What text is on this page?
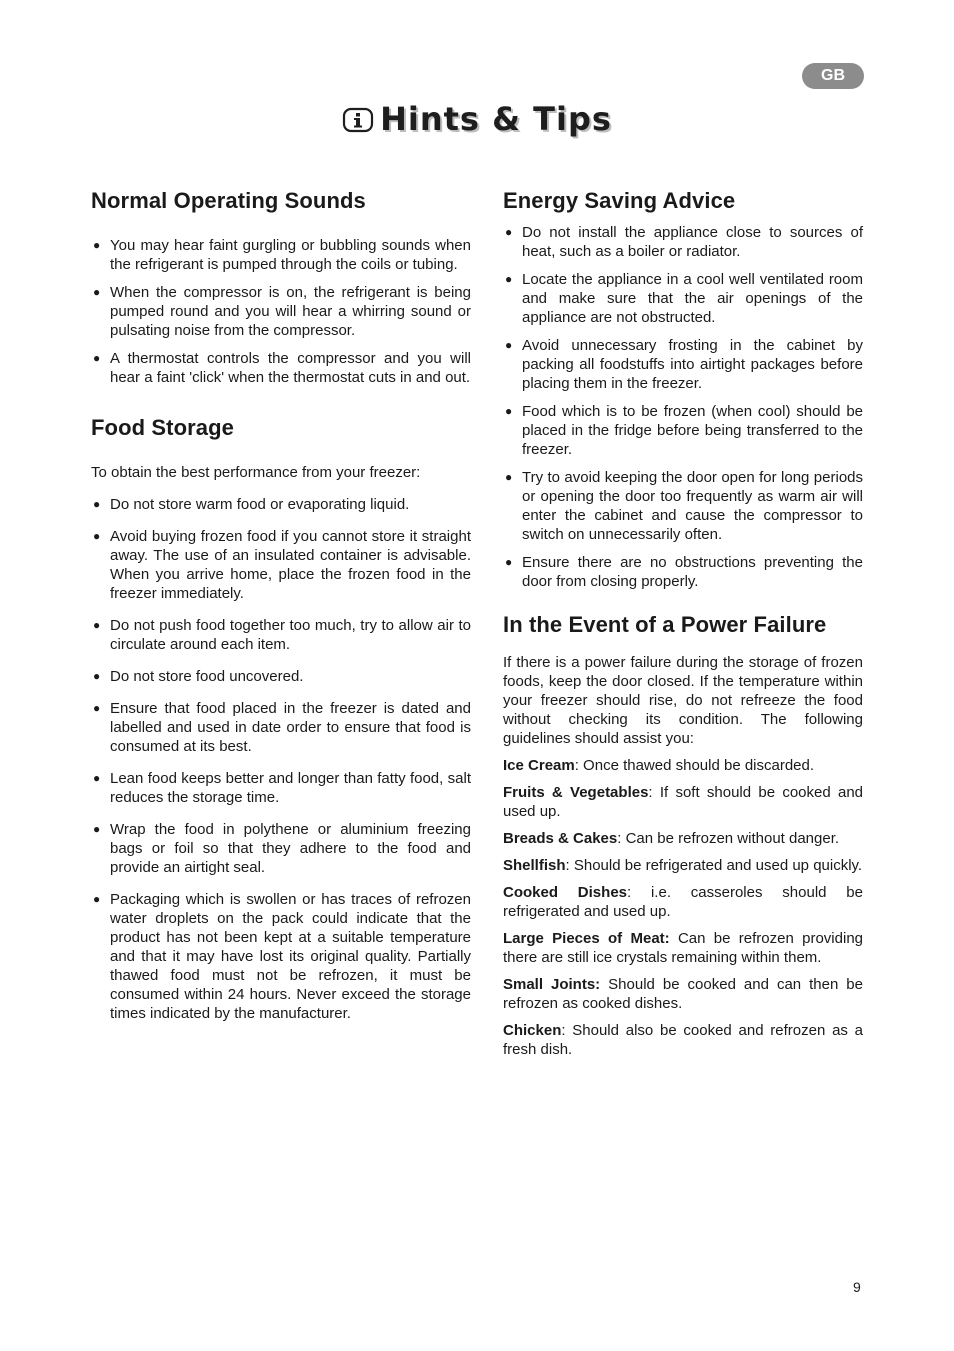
GB
Hints & Tips
Normal Operating Sounds
● You may hear faint gurgling or bubbling sounds when the refrigerant is pumped through the coils or tubing.
● When the compressor is on, the refrigerant is being pumped round and you will hear a whirring sound or pulsating noise from the compressor.
● A thermostat controls the compressor and you will hear a faint 'click' when the thermostat cuts in and out.
Food Storage

To obtain the best performance from your freezer:

● Do not store warm food or evaporating liquid.
● Avoid buying frozen food if you cannot store it straight away. The use of an insulated container is advisable. When you arrive home, place the frozen food in the freezer immediately.
● Do not push food together too much, try to allow air to circulate around each item.
● Do not store food uncovered.
● Ensure that food placed in the freezer is dated and labelled and used in date order to ensure that food is consumed at its best.
● Lean food keeps better and longer than fatty food, salt reduces the storage time.
● Wrap the food in polythene or aluminium freezing bags or foil so that they adhere to the food and provide an airtight seal.
● Packaging which is swollen or has traces of refrozen water droplets on the pack could indicate that the product has not been kept at a suitable temperature and that it may have lost its original quality. Partially thawed food must not be refrozen, it must be consumed within 24 hours. Never exceed the storage times indicated by the manufacturer.
Energy Saving Advice
● Do not install the appliance close to sources of heat, such as a boiler or radiator.
● Locate the appliance in a cool well ventilated room and make sure that the air openings of the appliance are not obstructed.
● Avoid unnecessary frosting in the cabinet by packing all foodstuffs into airtight packages before placing them in the freezer.
● Food which is to be frozen (when cool) should be placed in the fridge before being transferred to the freezer.
● Try to avoid keeping the door open for long periods or opening the door too frequently as warm air will enter the cabinet and cause the compressor to switch on unnecessarily often.
● Ensure there are no obstructions preventing the door from closing properly.
In the Event of a Power Failure

If there is a power failure during the storage of frozen foods, keep the door closed. If the temperature within your freezer should rise, do not refreeze the food without checking its condition. The following guidelines should assist you:

Ice Cream: Once thawed should be discarded.

Fruits & Vegetables: If soft should be cooked and used up.

Breads & Cakes: Can be refrozen without danger.

Shellfish: Should be refrigerated and used up quickly.

Cooked Dishes: i.e. casseroles should be refrigerated and used up.

Large Pieces of Meat: Can be refrozen providing there are still ice crystals remaining within them.

Small Joints: Should be cooked and can then be refrozen as cooked dishes.

Chicken: Should also be cooked and refrozen as a fresh dish.

9
